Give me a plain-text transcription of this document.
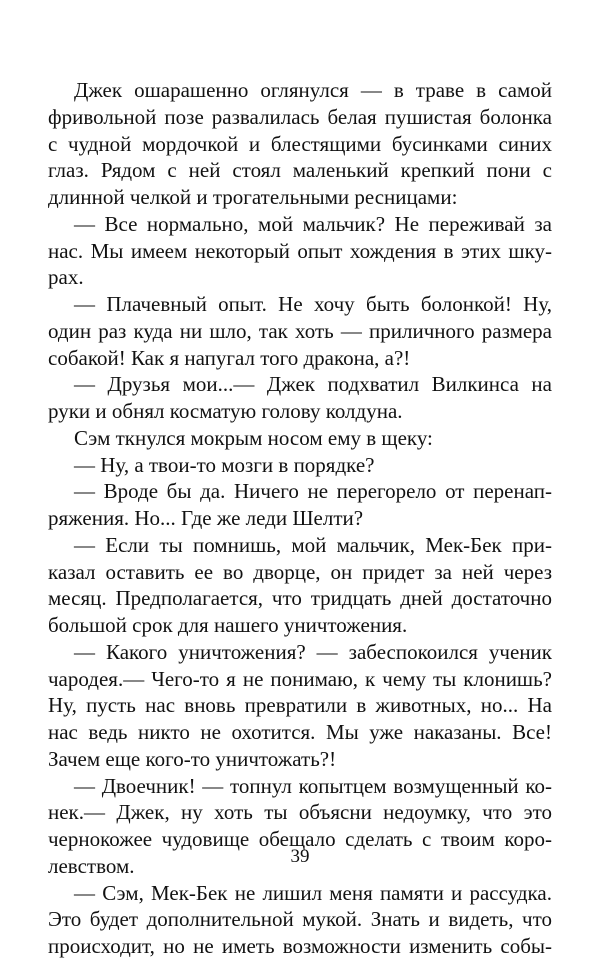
Джек ошарашенно оглянулся — в траве в самой
фривольной позе развалилась белая пушистая болонка
с чудной мордочкой и блестящими бусинками синих
глаз. Рядом с ней стоял маленький крепкий пони с
длинной челкой и трогательными ресницами:
— Все нормально, мой мальчик? Не переживай за
нас. Мы имеем некоторый опыт хождения в этих шку-
рах.
— Плачевный опыт. Не хочу быть болонкой! Ну,
один раз куда ни шло, так хоть — приличного размера
собакой! Как я напугал того дракона, а?!
— Друзья мои...— Джек подхватил Вилкинса на
руки и обнял косматую голову колдуна.
Сэм ткнулся мокрым носом ему в щеку:
— Ну, а твои-то мозги в порядке?
— Вроде бы да. Ничего не перегорело от перенап-
ряжения. Но... Где же леди Шелти?
— Если ты помнишь, мой мальчик, Мек-Бек при-
казал оставить ее во дворце, он придет за ней через
месяц. Предполагается, что тридцать дней достаточно
большой срок для нашего уничтожения.
— Какого уничтожения? — забеспокоился ученик
чародея.— Чего-то я не понимаю, к чему ты клонишь?
Ну, пусть нас вновь превратили в животных, но... На
нас ведь никто не охотится. Мы уже наказаны. Все!
Зачем еще кого-то уничтожать?!
— Двоечник! — топнул копытцем возмущенный ко-
нек.— Джек, ну хоть ты объясни недоумку, что это
чернокожее чудовище обещало сделать с твоим коро-
левством.
— Сэм, Мек-Бек не лишил меня памяти и рассудка.
Это будет дополнительной мукой. Знать и видеть, что
происходит, но не иметь возможности изменить собы-
39
